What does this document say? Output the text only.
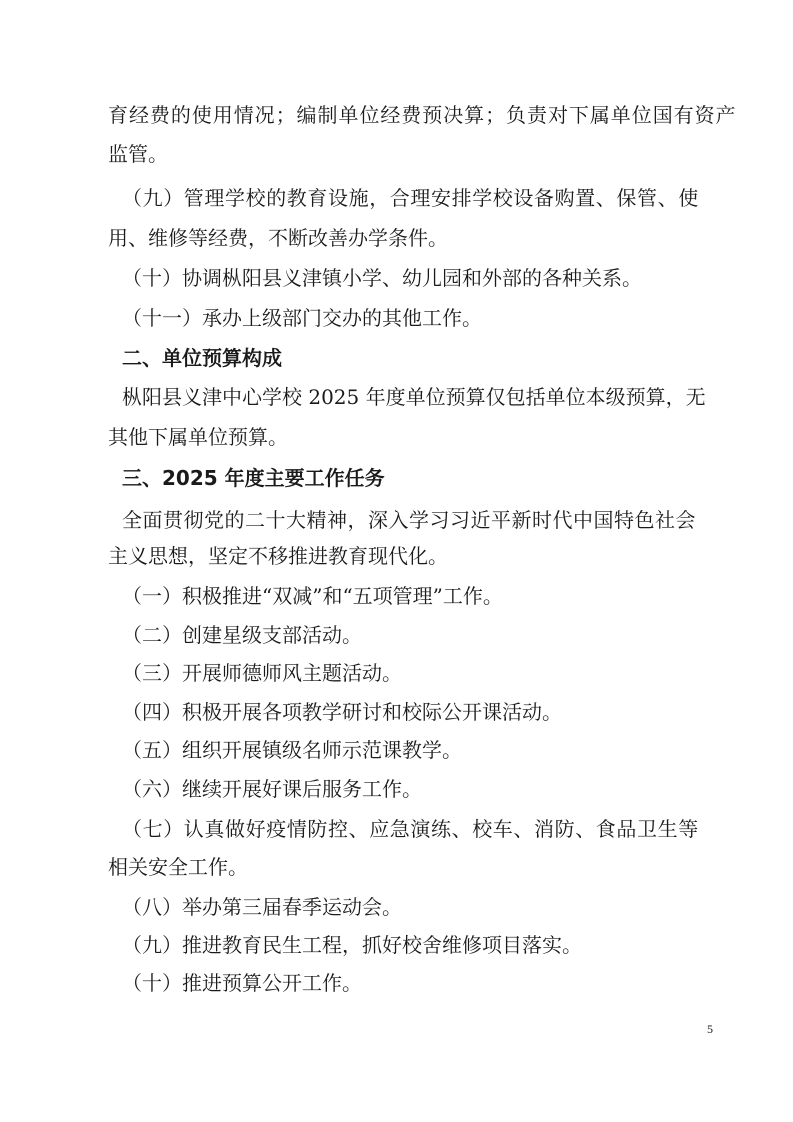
育经费的使用情况；编制单位经费预决算；负责对下属单位国有资产
监管。
（九）管理学校的教育设施，合理安排学校设备购置、保管、使
用、维修等经费，不断改善办学条件。
（十）协调枞阳县义津镇小学、幼儿园和外部的各种关系。
（十一）承办上级部门交办的其他工作。
二、单位预算构成
枞阳县义津中心学校 2025 年度单位预算仅包括单位本级预算，无
其他下属单位预算。
三、2025 年度主要工作任务
全面贯彻党的二十大精神，深入学习习近平新时代中国特色社会
主义思想，坚定不移推进教育现代化。
（一）积极推进“双减”和“五项管理”工作。
（二）创建星级支部活动。
（三）开展师德师风主题活动。
（四）积极开展各项教学研讨和校际公开课活动。
（五）组织开展镇级名师示范课教学。
（六）继续开展好课后服务工作。
（七）认真做好疫情防控、应急演练、校车、消防、食品卫生等
相关安全工作。
（八）举办第三届春季运动会。
（九）推进教育民生工程，抓好校舍维修项目落实。
（十）推进预算公开工作。
5
